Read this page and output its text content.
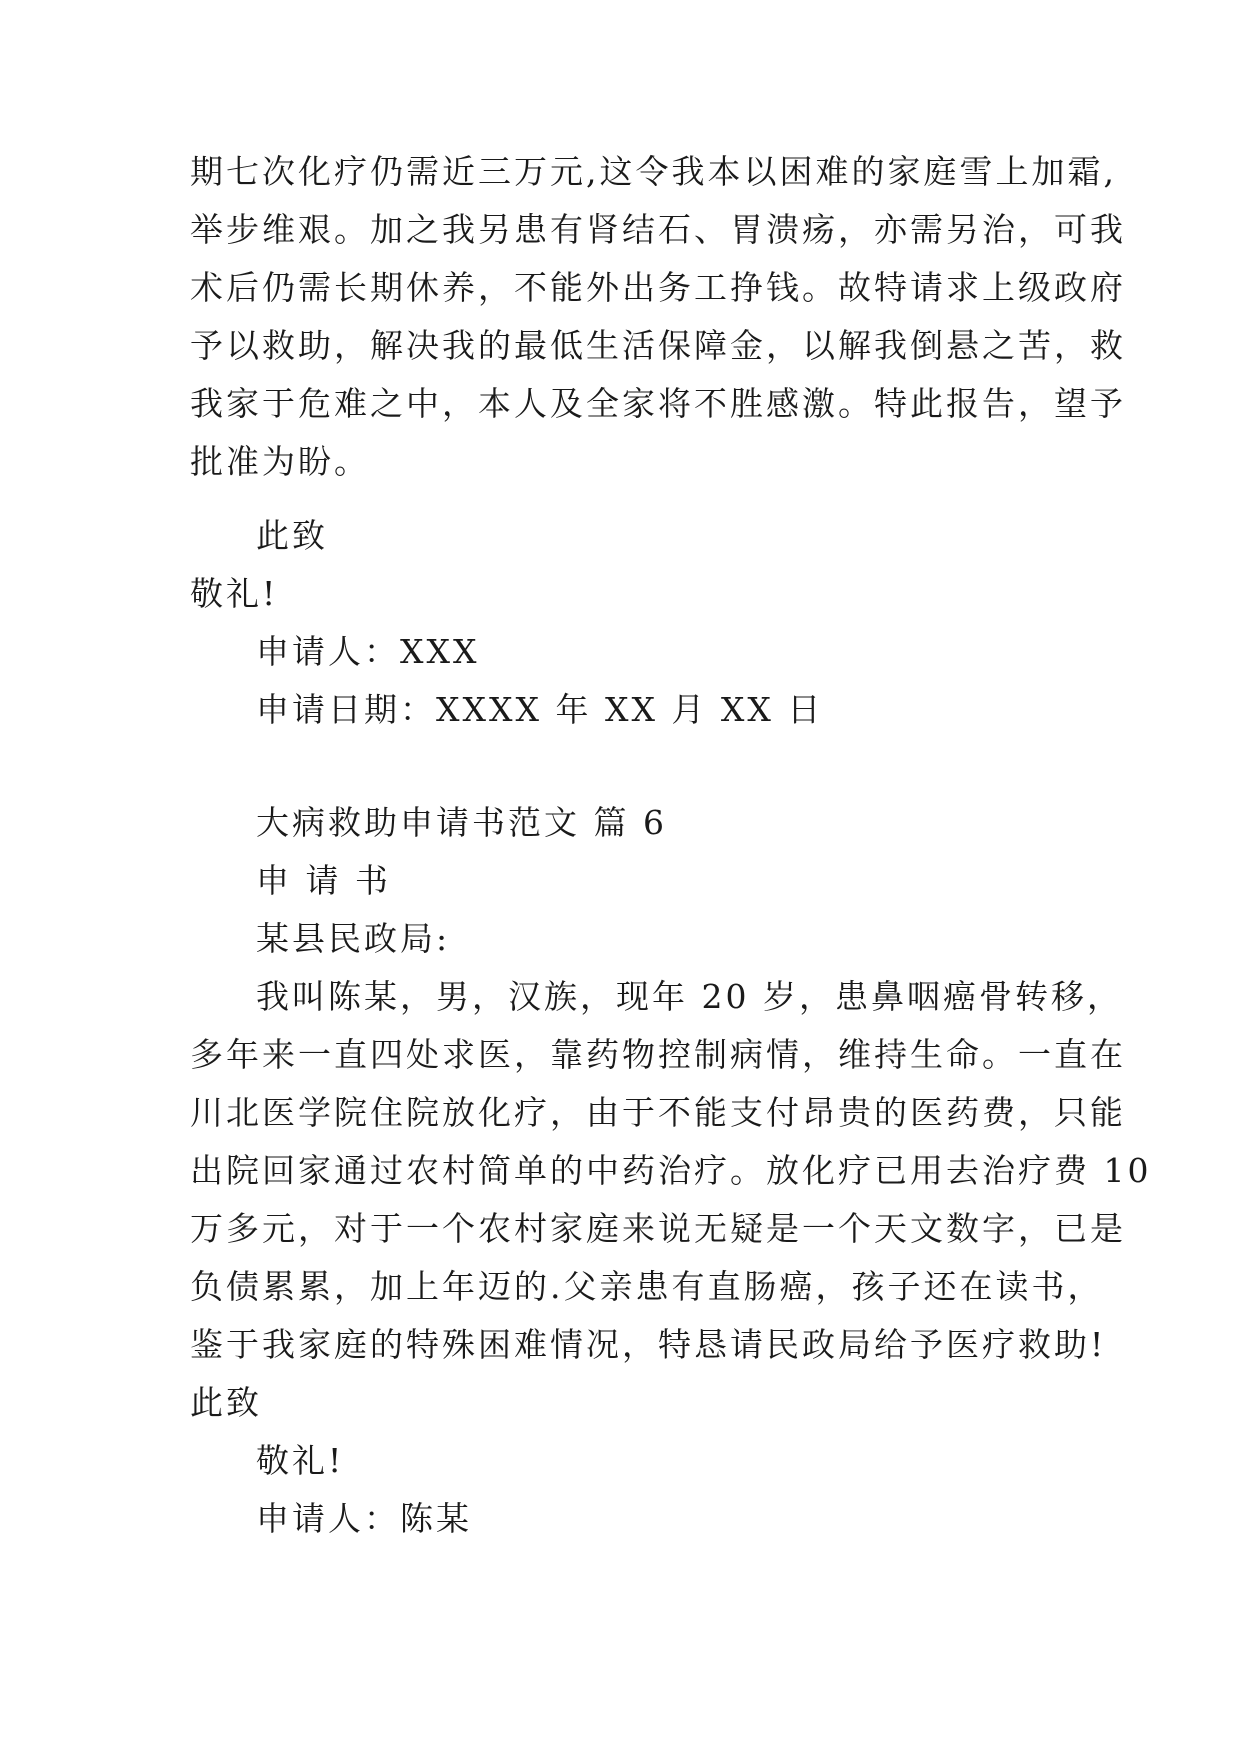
期七次化疗仍需近三万元,这令我本以困难的家庭雪上加霜,
举步维艰。加之我另患有肾结石、胃溃疡，亦需另治，可我
术后仍需长期休养，不能外出务工挣钱。故特请求上级政府
予以救助，解决我的最低生活保障金，以解我倒悬之苦，救
我家于危难之中，本人及全家将不胜感激。特此报告，望予
批准为盼。
此致
敬礼!
申请人：XXX
申请日期：XXXX 年 XX 月 XX 日
大病救助申请书范文 篇 6
申 请 书
某县民政局:
我叫陈某，男，汉族，现年 20 岁，患鼻咽癌骨转移，
多年来一直四处求医，靠药物控制病情，维持生命。一直在
川北医学院住院放化疗，由于不能支付昂贵的医药费，只能
出院回家通过农村简单的中药治疗。放化疗已用去治疗费 10
万多元，对于一个农村家庭来说无疑是一个天文数字，已是
负债累累，加上年迈的.父亲患有直肠癌，孩子还在读书，
鉴于我家庭的特殊困难情况，特恳请民政局给予医疗救助!
此致
敬礼!
申请人：陈某
